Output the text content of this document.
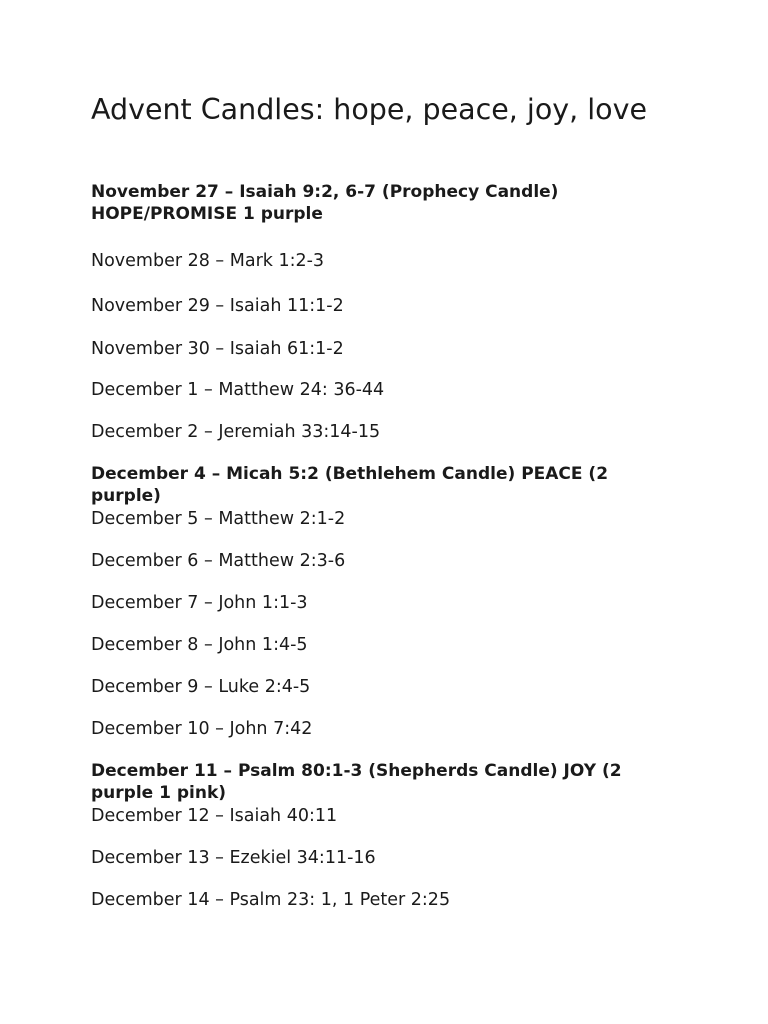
Advent Candles: hope, peace, joy, love
November 27 – Isaiah 9:2, 6-7 (Prophecy Candle) HOPE/PROMISE 1 purple
November 28 – Mark 1:2-3
November 29 – Isaiah 11:1-2
November 30 – Isaiah 61:1-2
December 1 – Matthew 24: 36-44
December 2 – Jeremiah 33:14-15
December 4 – Micah 5:2 (Bethlehem Candle) PEACE (2 purple)
December 5 – Matthew 2:1-2
December 6 – Matthew 2:3-6
December 7 – John 1:1-3
December 8 – John 1:4-5
December 9 – Luke 2:4-5
December 10 – John 7:42
December 11 – Psalm 80:1-3 (Shepherds Candle) JOY (2 purple 1 pink)
December 12 – Isaiah 40:11
December 13 – Ezekiel 34:11-16
December 14 – Psalm 23: 1, 1 Peter 2:25
